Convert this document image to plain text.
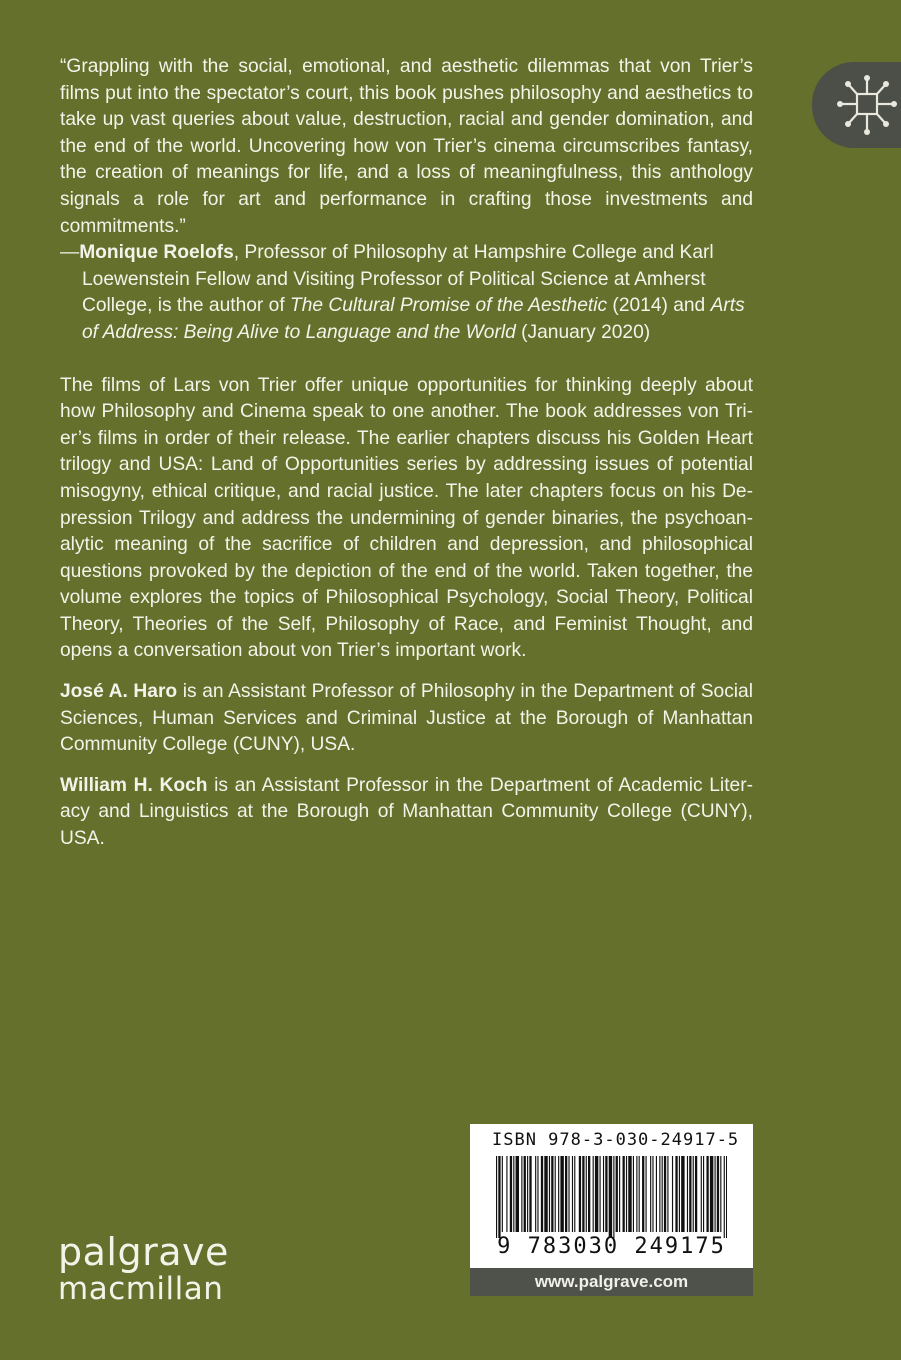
“Grappling with the social, emotional, and aesthetic dilemmas that von Trier’s films put into the spectator’s court, this book pushes philosophy and aesthetics to take up vast queries about value, destruction, racial and gender domination, and the end of the world. Uncovering how von Trier’s cinema circumscribes fantasy, the creation of meanings for life, and a loss of meaningfulness, this anthology signals a role for art and performance in crafting those investments and commitments.”

—Monique Roelofs, Professor of Philosophy at Hampshire College and Karl Loewenstein Fellow and Visiting Professor of Political Science at Amherst College, is the author of The Cultural Promise of the Aesthetic (2014) and Arts of Address: Being Alive to Language and the World (January 2020)

The films of Lars von Trier offer unique opportunities for thinking deeply about how Philosophy and Cinema speak to one another. The book addresses von Trier’s films in order of their release. The earlier chapters discuss his Golden Heart trilogy and USA: Land of Opportunities series by addressing issues of potential misogyny, ethical critique, and racial justice. The later chapters focus on his Depression Trilogy and address the undermining of gender binaries, the psychoanalytic meaning of the sacrifice of children and depression, and philosophical questions provoked by the depiction of the end of the world. Taken together, the volume explores the topics of Philosophical Psychology, Social Theory, Political Theory, Theories of the Self, Philosophy of Race, and Feminist Thought, and opens a conversation about von Trier’s important work.

José A. Haro is an Assistant Professor of Philosophy in the Department of Social Sciences, Human Services and Criminal Justice at the Borough of Manhattan Community College (CUNY), USA.

William H. Koch is an Assistant Professor in the Department of Academic Literacy and Linguistics at the Borough of Manhattan Community College (CUNY), USA.

palgrave
macmillan
ISBN 978-3-030-24917-5
9 783030 249175
www.palgrave.com
